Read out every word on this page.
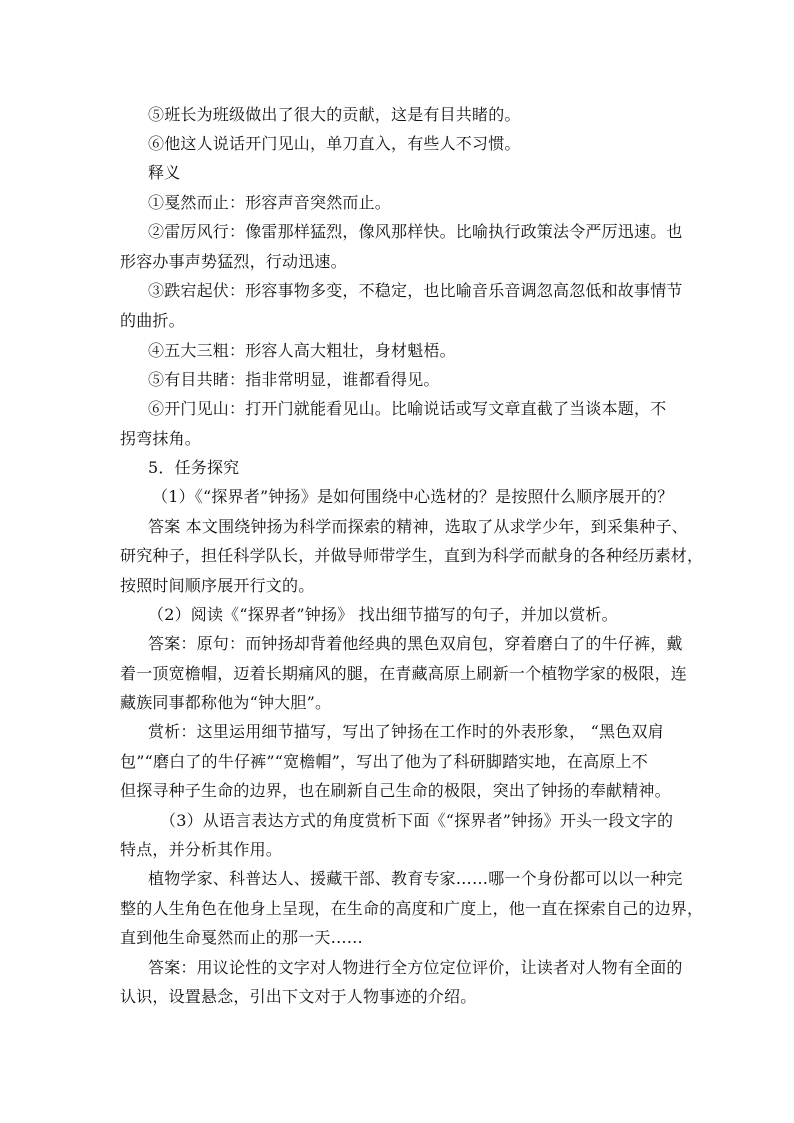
⑤班长为班级做出了很大的贡献，这是有目共睹的。
⑥他这人说话开门见山，单刀直入，有些人不习惯。
释义
①戛然而止：形容声音突然而止。
②雷厉风行：像雷那样猛烈，像风那样快。比喻执行政策法令严厉迅速。也
形容办事声势猛烈，行动迅速。
③跌宕起伏：形容事物多变，不稳定，也比喻音乐音调忽高忽低和故事情节
的曲折。
④五大三粗：形容人高大粗壮，身材魁梧。
⑤有目共睹：指非常明显，谁都看得见。
⑥开门见山：打开门就能看见山。比喻说话或写文章直截了当谈本题，不
拐弯抹角。
5．任务探究
（1）《“探界者”钟扬》是如何围绕中心选材的？是按照什么顺序展开的？
答案 本文围绕钟扬为科学而探索的精神，选取了从求学少年，到采集种子、
研究种子，担任科学队长，并做导师带学生，直到为科学而献身的各种经历素材，
按照时间顺序展开行文的。
（2）阅读《“探界者”钟扬》 找出细节描写的句子，并加以赏析。
答案：原句：而钟扬却背着他经典的黑色双肩包，穿着磨白了的牛仔裤，戴
着一顶宽檐帽，迈着长期痛风的腿，在青藏高原上刷新一个植物学家的极限，连
藏族同事都称他为“钟大胆”。
赏析：这里运用细节描写，写出了钟扬在工作时的外表形象， “黑色双肩
包”“磨白了的牛仔裤”“宽檐帽”，写出了他为了科研脚踏实地，在高原上不
但探寻种子生命的边界，也在刷新自己生命的极限，突出了钟扬的奉献精神。
（3）从语言表达方式的角度赏析下面《“探界者”钟扬》开头一段文字的
特点，并分析其作用。
植物学家、科普达人、援藏干部、教育专家……哪一个身份都可以以一种完
整的人生角色在他身上呈现，在生命的高度和广度上，他一直在探索自己的边界，
直到他生命戛然而止的那一天……
答案：用议论性的文字对人物进行全方位定位评价，让读者对人物有全面的
认识，设置悬念，引出下文对于人物事迹的介绍。
